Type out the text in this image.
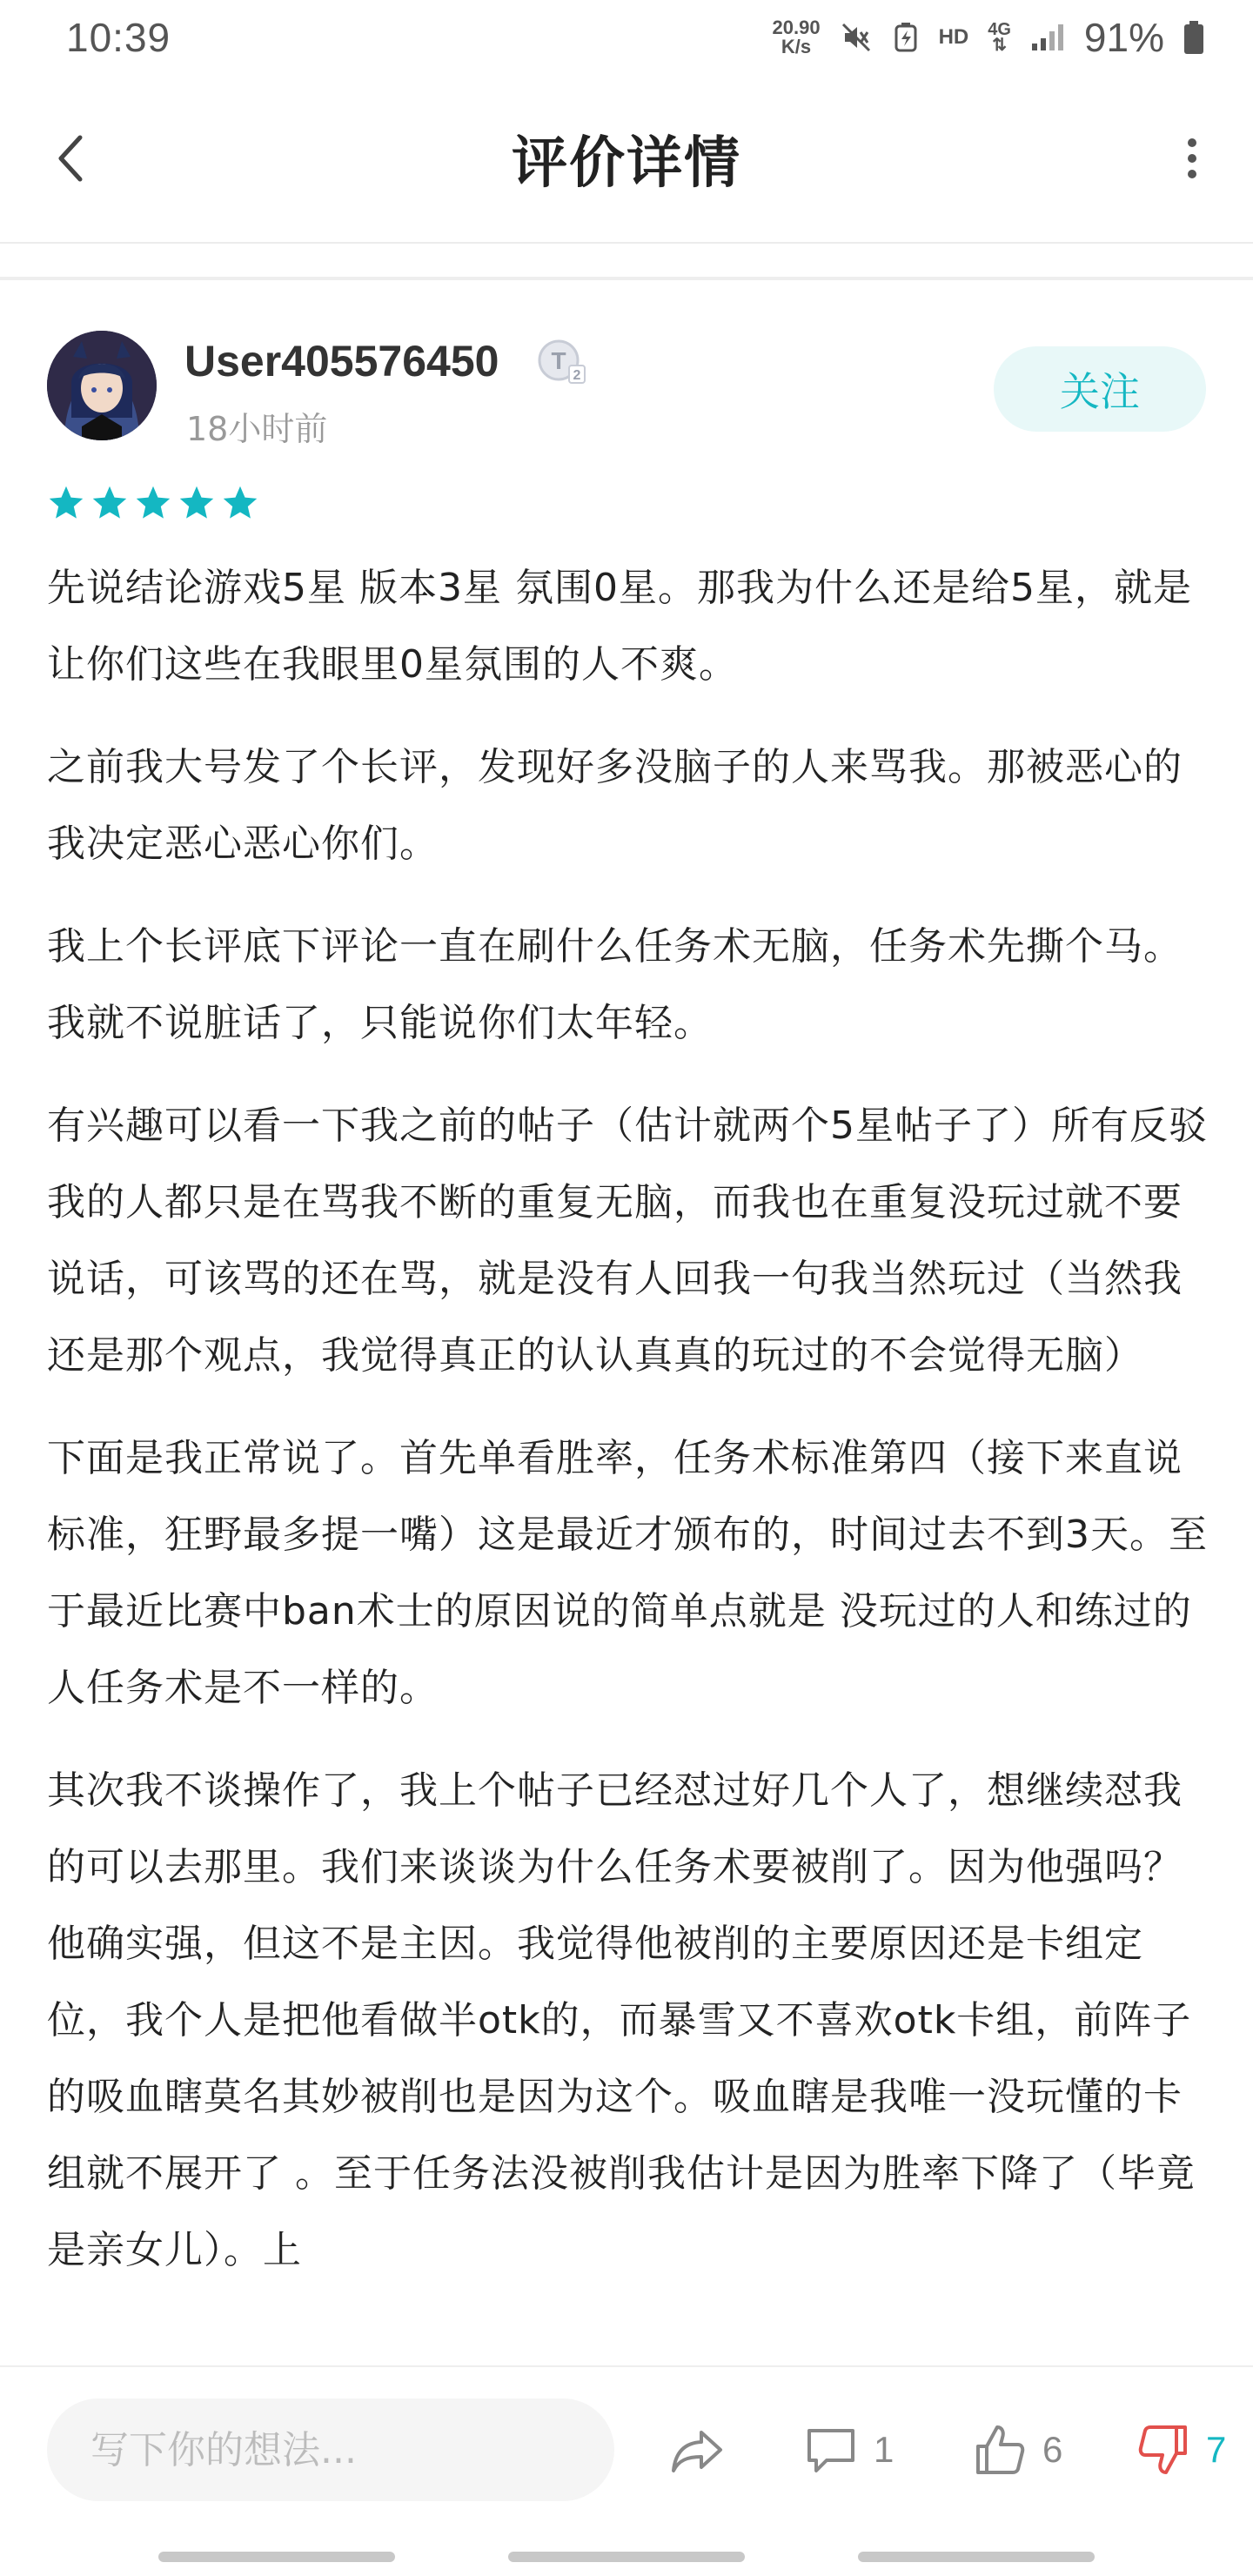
10:39	20.90
K/s	HD 4G
⇅ 91%
评价详情
User405576450 T
2
18小时前
关注

先说结论游戏5星 版本3星 氛围0星。那我为什么还是给5星，就是让你们这些在我眼里0星氛围的人不爽。

之前我大号发了个长评，发现好多没脑子的人来骂我。那被恶心的我决定恶心恶心你们。

我上个长评底下评论一直在刷什么任务术无脑，任务术先撕个马。我就不说脏话了，只能说你们太年轻。

有兴趣可以看一下我之前的帖子（估计就两个5星帖子了）所有反驳我的人都只是在骂我不断的重复无脑，而我也在重复没玩过就不要说话，可该骂的还在骂，就是没有人回我一句我当然玩过（当然我还是那个观点，我觉得真正的认认真真的玩过的不会觉得无脑）

下面是我正常说了。首先单看胜率，任务术标准第四（接下来直说标准，狂野最多提一嘴）这是最近才颁布的，时间过去不到3天。至于最近比赛中ban术士的原因说的简单点就是 没玩过的人和练过的人任务术是不一样的。

其次我不谈操作了，我上个帖子已经怼过好几个人了，想继续怼我的可以去那里。我们来谈谈为什么任务术要被削了。因为他强吗？他确实强，但这不是主因。我觉得他被削的主要原因还是卡组定位，我个人是把他看做半otk的，而暴雪又不喜欢otk卡组，前阵子的吸血瞎莫名其妙被削也是因为这个。吸血瞎是我唯一没玩懂的卡组就不展开了 。至于任务法没被削我估计是因为胜率下降了（毕竟是亲女儿）。上

写下你的想法...
1	6	7
